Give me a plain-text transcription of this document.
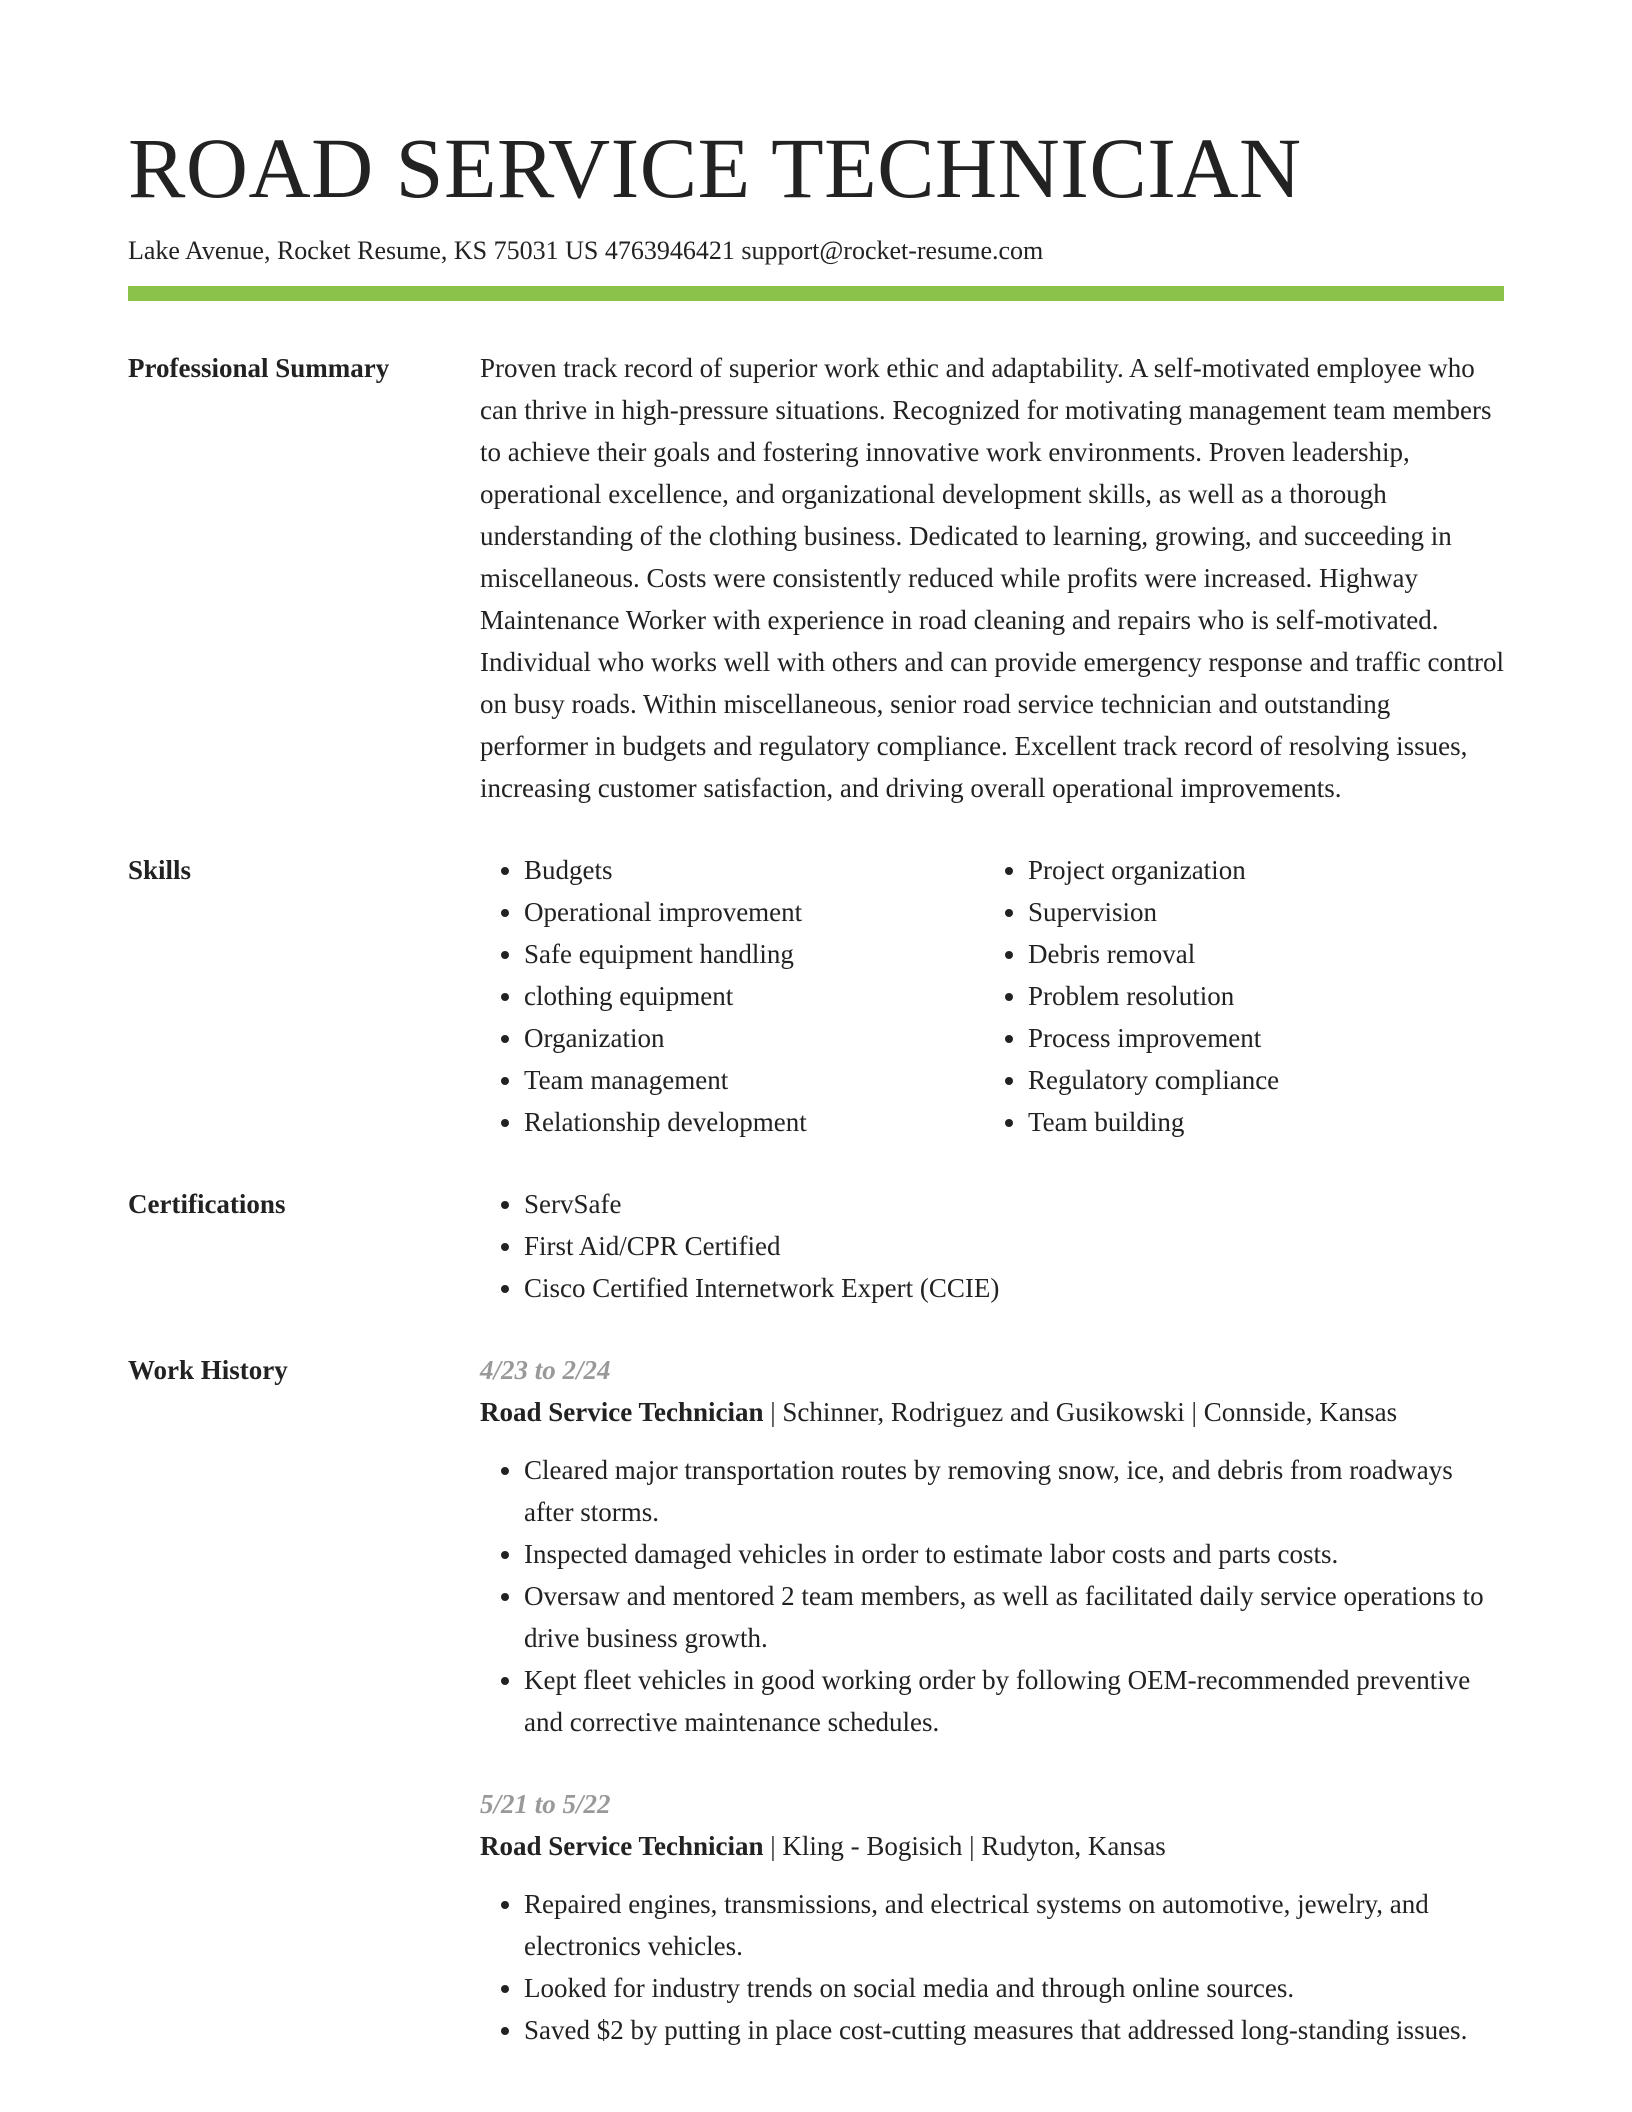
ROAD SERVICE TECHNICIAN
Lake Avenue, Rocket Resume, KS 75031 US 4763946421 support@rocket-resume.com
Professional Summary	Proven track record of superior work ethic and adaptability. A self-motivated employee who can thrive in high-pressure situations. Recognized for motivating management team members to achieve their goals and fostering innovative work environments. Proven leadership, operational excellence, and organizational development skills, as well as a thorough understanding of the clothing business. Dedicated to learning, growing, and succeeding in miscellaneous. Costs were consistently reduced while profits were increased. Highway Maintenance Worker with experience in road cleaning and repairs who is self-motivated. Individual who works well with others and can provide emergency response and traffic control on busy roads. Within miscellaneous, senior road service technician and outstanding performer in budgets and regulatory compliance. Excellent track record of resolving issues, increasing customer satisfaction, and driving overall operational improvements.

Skills	• Budgets
• Operational improvement
• Safe equipment handling
• clothing equipment
• Organization
• Team management
• Relationship development
• Project organization
• Supervision
• Debris removal
• Problem resolution
• Process improvement
• Regulatory compliance
• Team building
Certifications	• ServSafe
• First Aid/CPR Certified
• Cisco Certified Internetwork Expert (CCIE)
Work History	4/23 to 2/24
Road Service Technician | Schinner, Rodriguez and Gusikowski | Connside, Kansas
• Cleared major transportation routes by removing snow, ice, and debris from roadways after storms.
• Inspected damaged vehicles in order to estimate labor costs and parts costs.
• Oversaw and mentored 2 team members, as well as facilitated daily service operations to drive business growth.
• Kept fleet vehicles in good working order by following OEM-recommended preventive and corrective maintenance schedules.
5/21 to 5/22
Road Service Technician | Kling - Bogisich | Rudyton, Kansas
• Repaired engines, transmissions, and electrical systems on automotive, jewelry, and electronics vehicles.
• Looked for industry trends on social media and through online sources.
• Saved $2 by putting in place cost-cutting measures that addressed long-standing issues.
